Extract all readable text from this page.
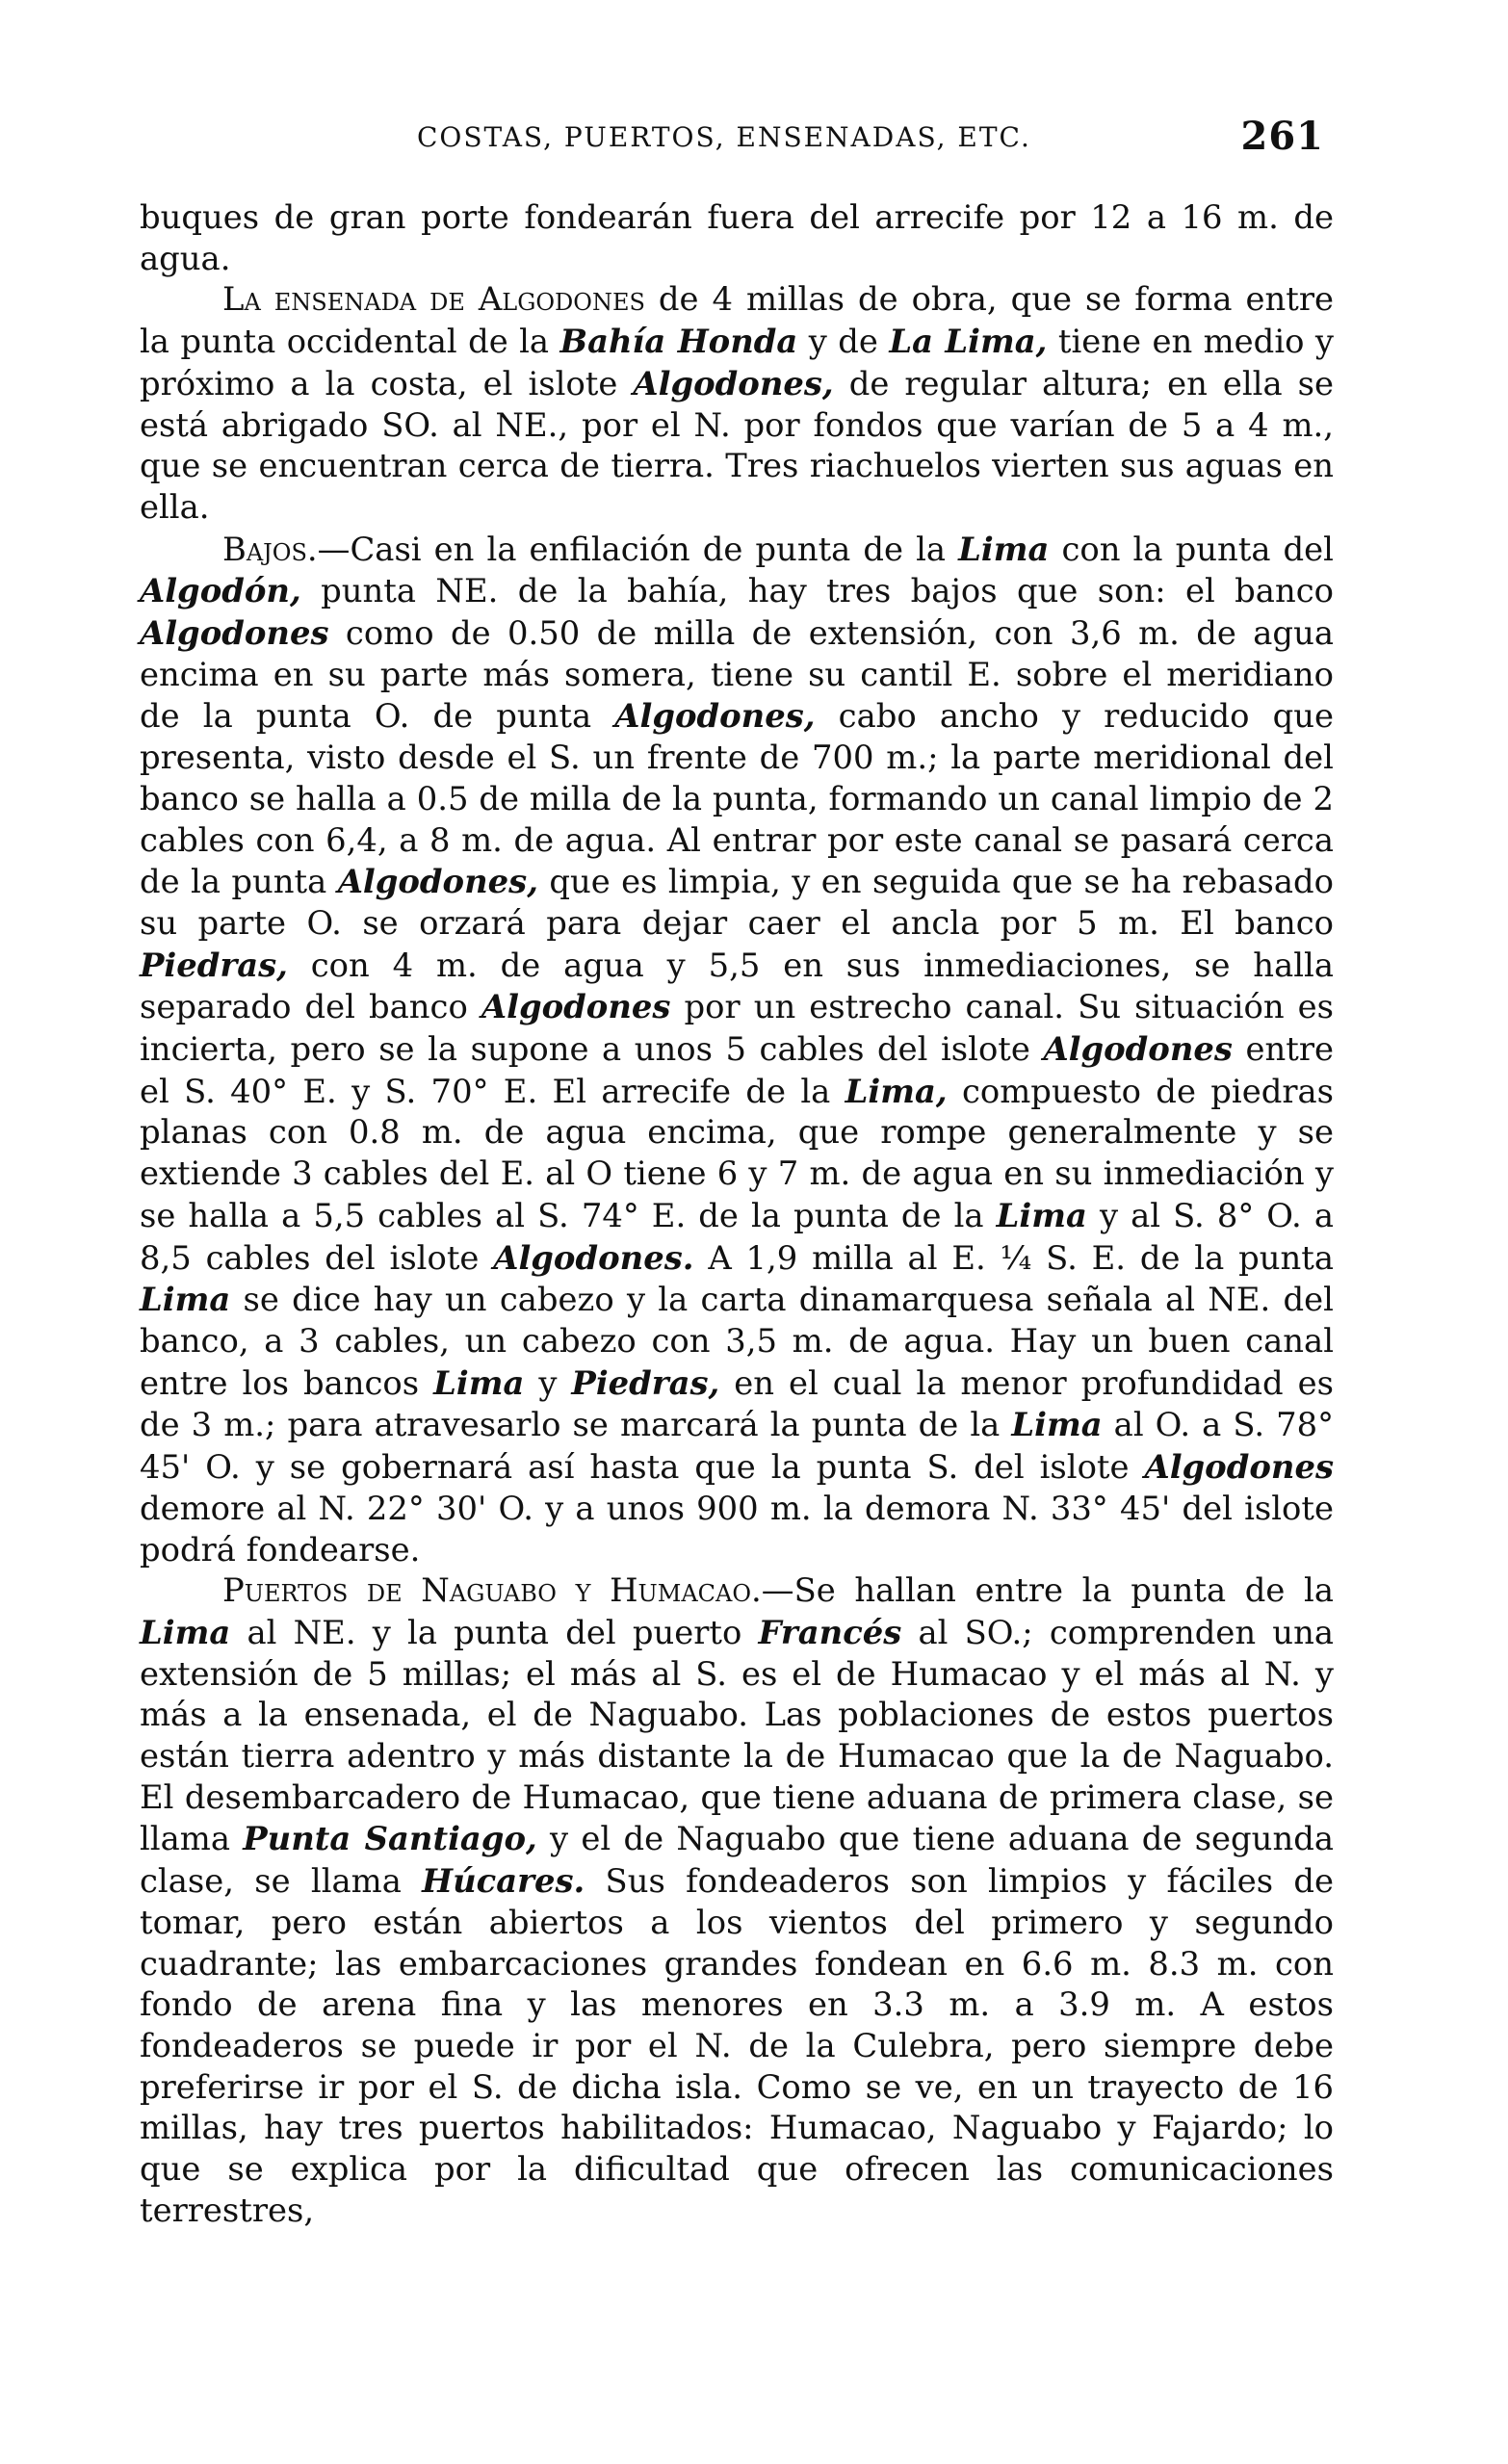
COSTAS, PUERTOS, ENSENADAS, ETC.	261

buques de gran porte fondearán fuera del arrecife por 12 a 16 m. de agua.

La ensenada de Algodones de 4 millas de obra, que se forma entre la punta occidental de la Bahía Honda y de La Lima, tiene en medio y próximo a la costa, el islote Algodones, de regular altura; en ella se está abrigado SO. al NE., por el N. por fondos que varían de 5 a 4 m., que se encuentran cerca de tierra. Tres riachuelos vierten sus aguas en ella.

Bajos.—Casi en la enfilación de punta de la Lima con la punta del Algodón, punta NE. de la bahía, hay tres bajos que son: el banco Algodones como de 0.50 de milla de extensión, con 3,6 m. de agua encima en su parte más somera, tiene su cantil E. sobre el meridiano de la punta O. de punta Algodones, cabo ancho y reducido que presenta, visto desde el S. un frente de 700 m.; la parte meridional del banco se halla a 0.5 de milla de la punta, formando un canal limpio de 2 cables con 6,4, a 8 m. de agua. Al entrar por este canal se pasará cerca de la punta Algodones, que es limpia, y en seguida que se ha rebasado su parte O. se orzará para dejar caer el ancla por 5 m. El banco Piedras, con 4 m. de agua y 5,5 en sus inmediaciones, se halla separado del banco Algodones por un estrecho canal. Su situación es incierta, pero se la supone a unos 5 cables del islote Algodones entre el S. 40° E. y S. 70° E. El arrecife de la Lima, compuesto de piedras planas con 0.8 m. de agua encima, que rompe generalmente y se extiende 3 cables del E. al O tiene 6 y 7 m. de agua en su inmediación y se halla a 5,5 cables al S. 74° E. de la punta de la Lima y al S. 8° O. a 8,5 cables del islote Algodones. A 1,9 milla al E. ¼ S. E. de la punta Lima se dice hay un cabezo y la carta dinamarquesa señala al NE. del banco, a 3 cables, un cabezo con 3,5 m. de agua. Hay un buen canal entre los bancos Lima y Piedras, en el cual la menor profundidad es de 3 m.; para atravesarlo se marcará la punta de la Lima al O. a S. 78° 45' O. y se gobernará así hasta que la punta S. del islote Algodones demore al N. 22° 30' O. y a unos 900 m. la demora N. 33° 45' del islote podrá fondearse.

Puertos de Naguabo y Humacao.—Se hallan entre la punta de la Lima al NE. y la punta del puerto Francés al SO.; comprenden una extensión de 5 millas; el más al S. es el de Humacao y el más al N. y más a la ensenada, el de Naguabo. Las poblaciones de estos puertos están tierra adentro y más distante la de Humacao que la de Naguabo. El desembarcadero de Humacao, que tiene aduana de primera clase, se llama Punta Santiago, y el de Naguabo que tiene aduana de segunda clase, se llama Húcares. Sus fondeaderos son limpios y fáciles de tomar, pero están abiertos a los vientos del primero y segundo cuadrante; las embarcaciones grandes fondean en 6.6 m. 8.3 m. con fondo de arena fina y las menores en 3.3 m. a 3.9 m. A estos fondeaderos se puede ir por el N. de la Culebra, pero siempre debe preferirse ir por el S. de dicha isla. Como se ve, en un trayecto de 16 millas, hay tres puertos habilitados: Humacao, Naguabo y Fajardo; lo que se explica por la dificultad que ofrecen las comunicaciones terrestres,
